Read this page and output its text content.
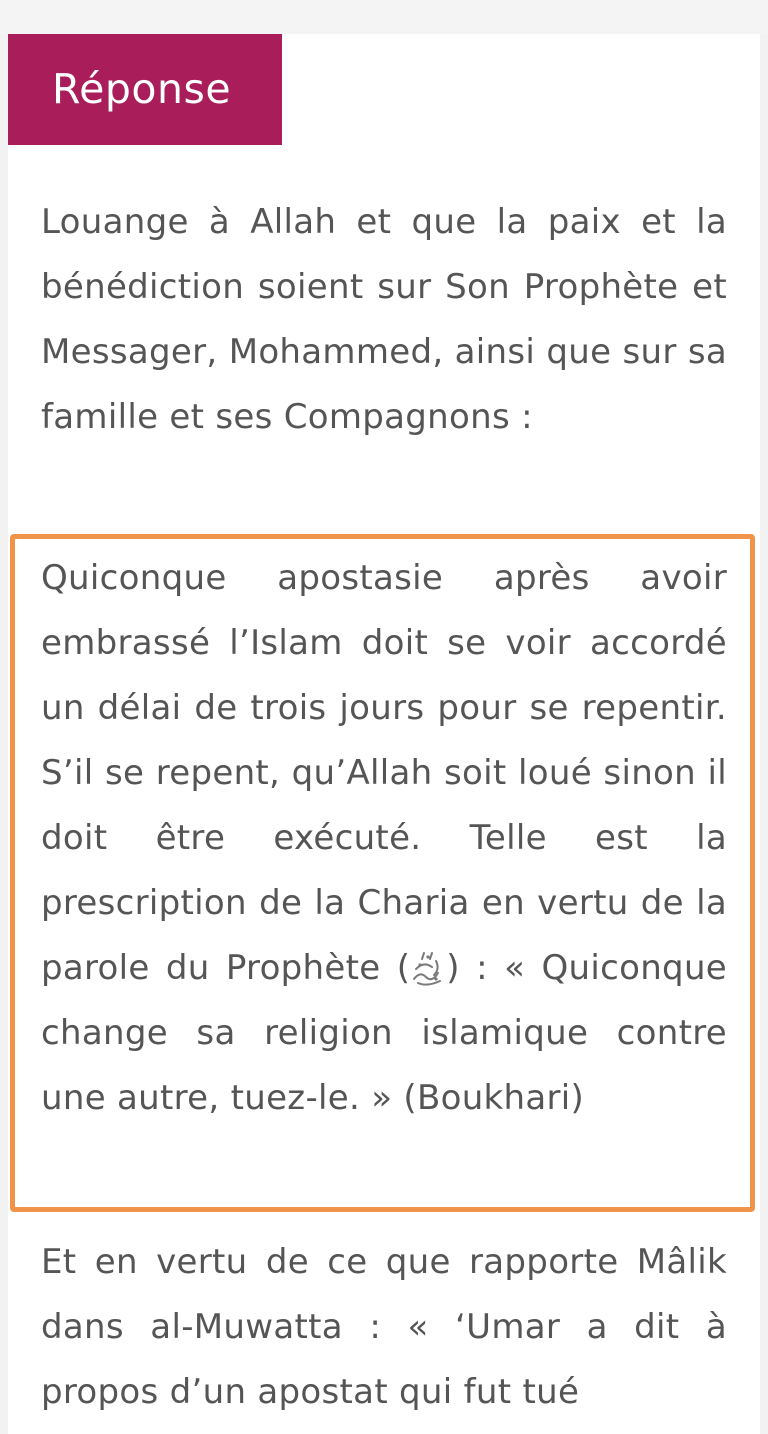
Réponse

Louange à Allah et que la paix et la bénédiction soient sur Son Prophète et Messager, Mohammed, ainsi que sur sa famille et ses Compagnons :

Quiconque apostasie après avoir embrassé l’Islam doit se voir accordé un délai de trois jours pour se repentir. S’il se repent, qu’Allah soit loué sinon il doit être exécuté. Telle est la prescription de la Charia en vertu de la parole du Prophète ( ) : « Quiconque change sa religion islamique contre une autre, tuez-le. » (Boukhari)

Et en vertu de ce que rapporte Mâlik dans al-Muwatta : « ‘Umar a dit à propos d’un apostat qui fut tué
